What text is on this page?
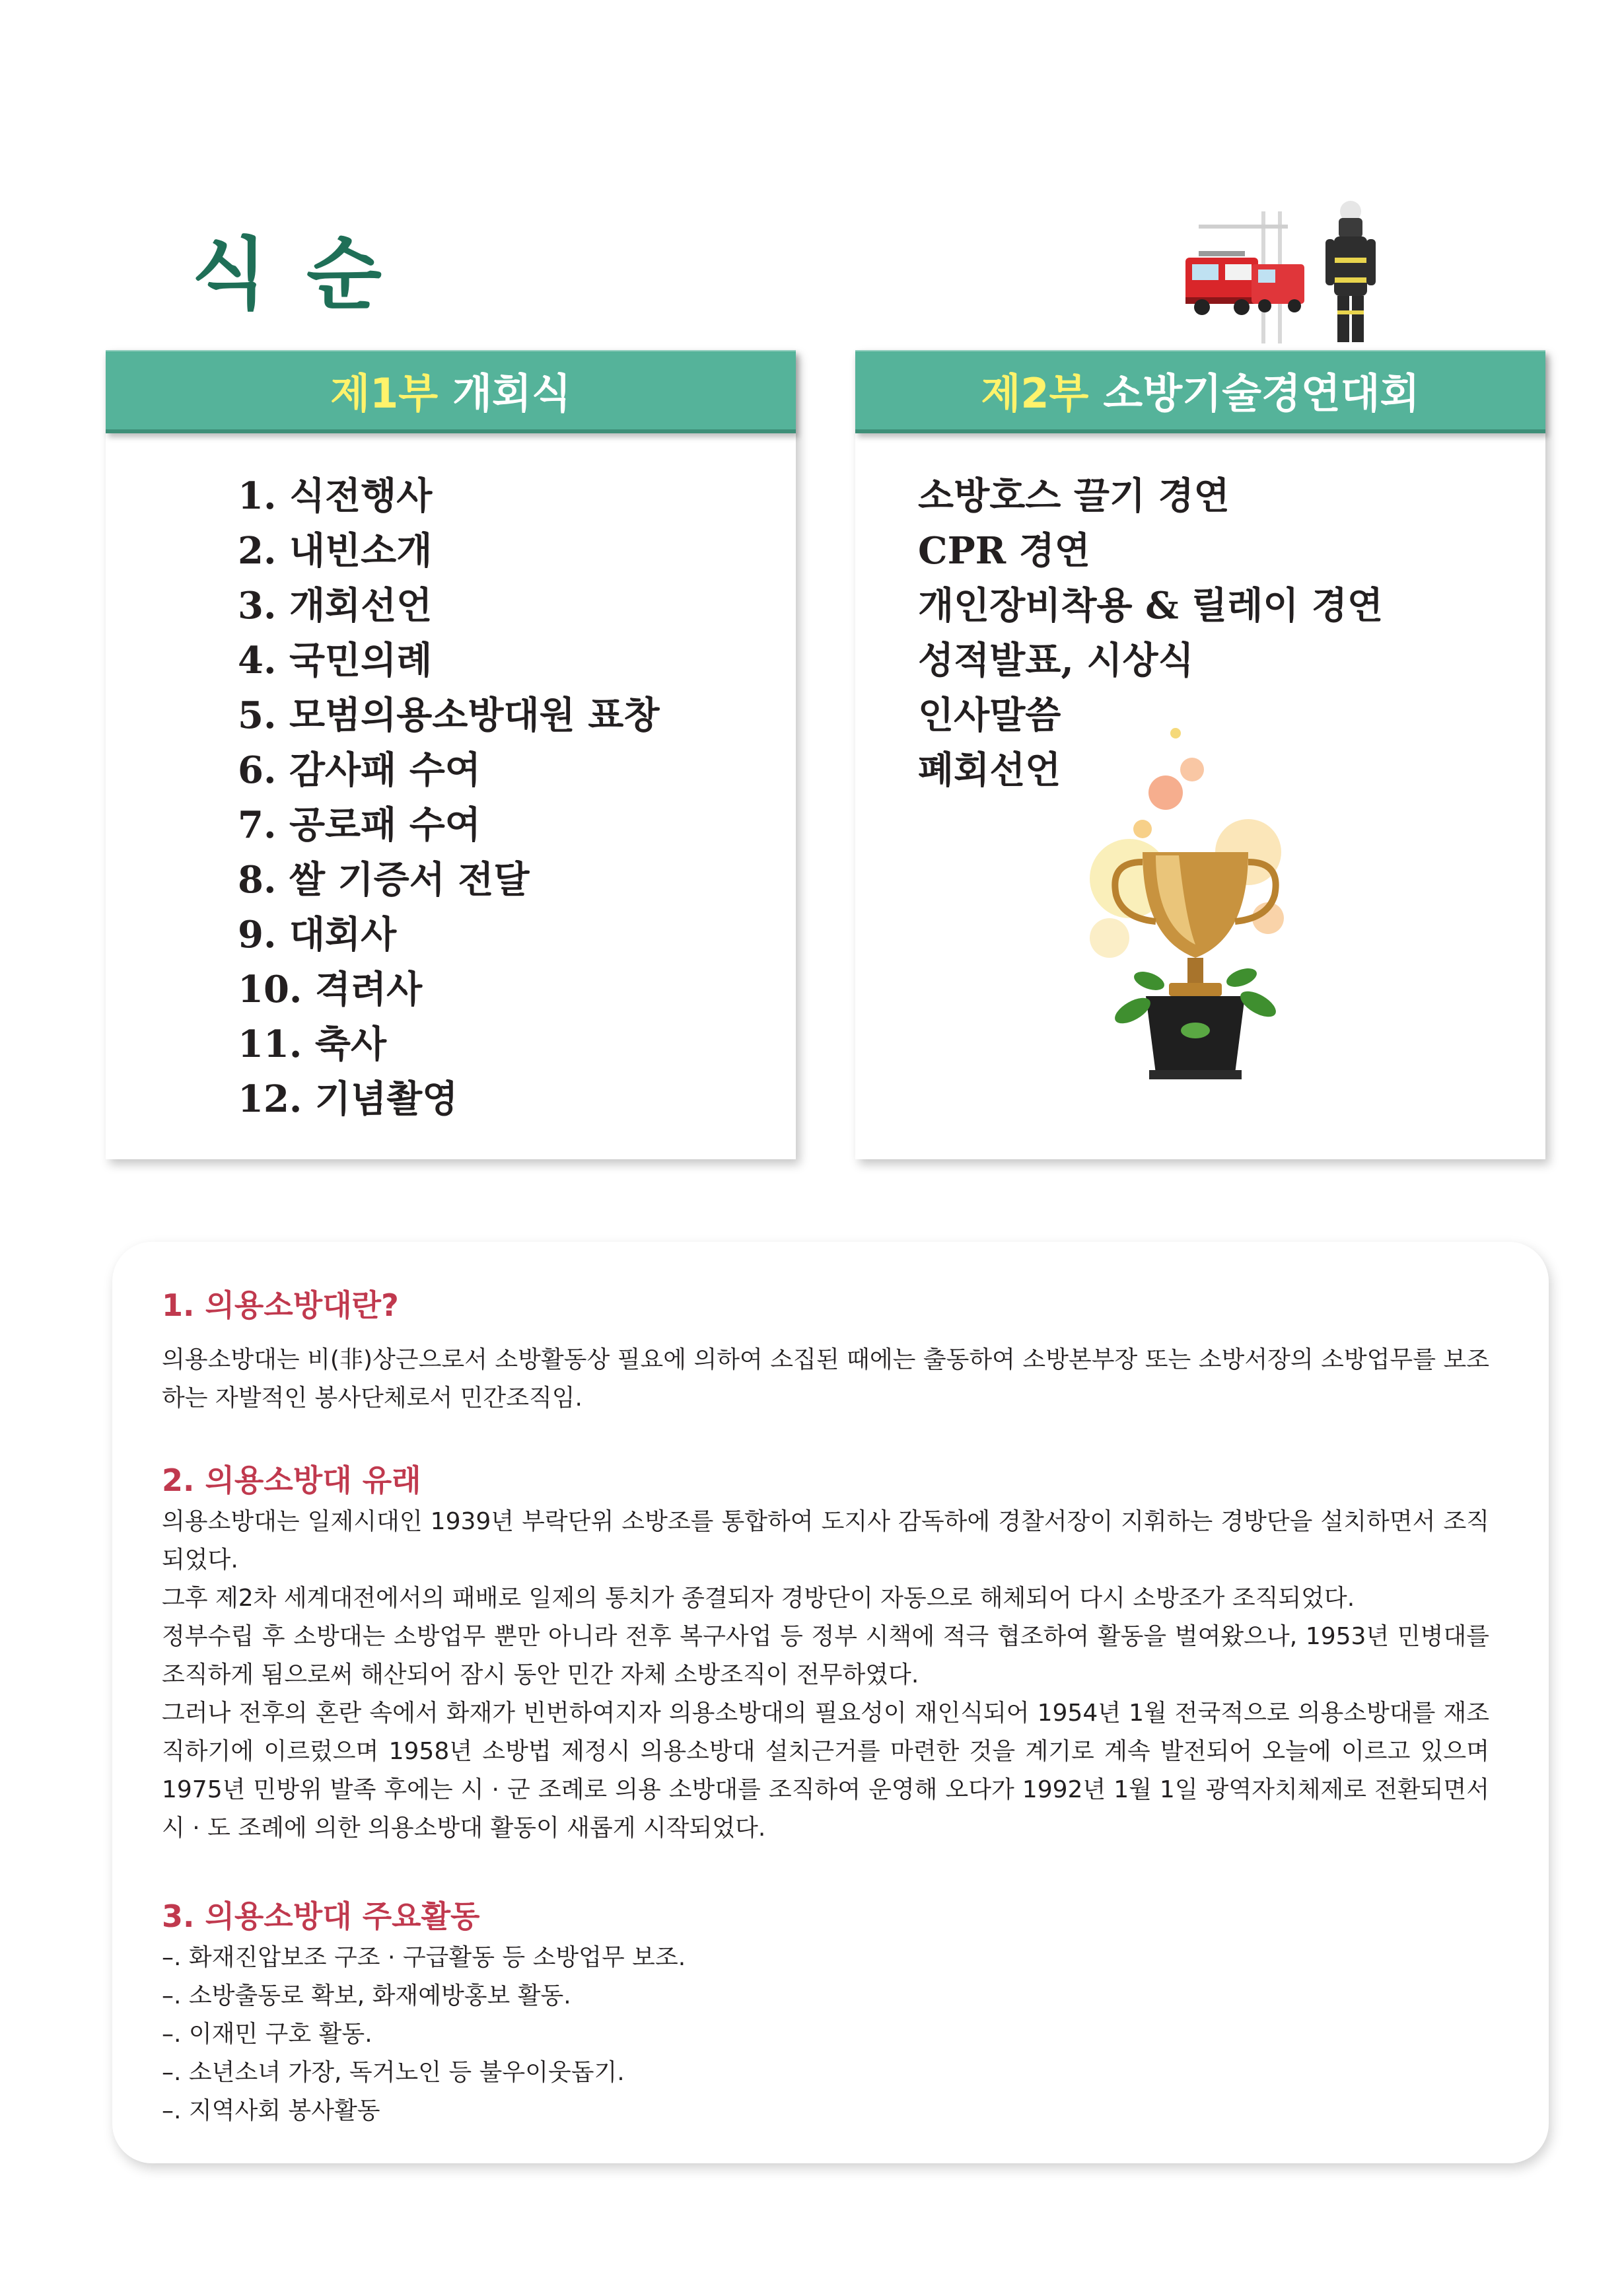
식순
제1부 개회식
1. 식전행사
2. 내빈소개
3. 개회선언
4. 국민의례
5. 모범의용소방대원 표창
6. 감사패 수여
7. 공로패 수여
8. 쌀 기증서 전달
9. 대회사
10. 격려사
11. 축사
12. 기념촬영
제2부 소방기술경연대회
소방호스 끌기 경연
CPR 경연
개인장비착용 & 릴레이 경연
성적발표, 시상식
인사말씀
폐회선언
1. 의용소방대란?

의용소방대는 비(非)상근으로서 소방활동상 필요에 의하여 소집된 때에는 출동하여 소방본부장 또는 소방서장의 소방업무를 보조하는 자발적인 봉사단체로서 민간조직임.

2. 의용소방대 유래

의용소방대는 일제시대인 1939년 부락단위 소방조를 통합하여 도지사 감독하에 경찰서장이 지휘하는 경방단을 설치하면서 조직되었다.

그후 제2차 세계대전에서의 패배로 일제의 통치가 종결되자 경방단이 자동으로 해체되어 다시 소방조가 조직되었다.

정부수립 후 소방대는 소방업무 뿐만 아니라 전후 복구사업 등 정부 시책에 적극 협조하여 활동을 벌여왔으나, 1953년 민병대를 조직하게 됨으로써 해산되어 잠시 동안 민간 자체 소방조직이 전무하였다.

그러나 전후의 혼란 속에서 화재가 빈번하여지자 의용소방대의 필요성이 재인식되어 1954년 1월 전국적으로 의용소방대를 재조직하기에 이르렀으며 1958년 소방법 제정시 의용소방대 설치근거를 마련한 것을 계기로 계속 발전되어 오늘에 이르고 있으며 1975년 민방위 발족 후에는 시 · 군 조례로 의용 소방대를 조직하여 운영해 오다가 1992년 1월 1일 광역자치체제로 전환되면서 시 · 도 조례에 의한 의용소방대 활동이 새롭게 시작되었다.

3. 의용소방대 주요활동

–. 화재진압보조 구조 · 구급활동 등 소방업무 보조.

–. 소방출동로 확보, 화재예방홍보 활동.

–. 이재민 구호 활동.

–. 소년소녀 가장, 독거노인 등 불우이웃돕기.

–. 지역사회 봉사활동
